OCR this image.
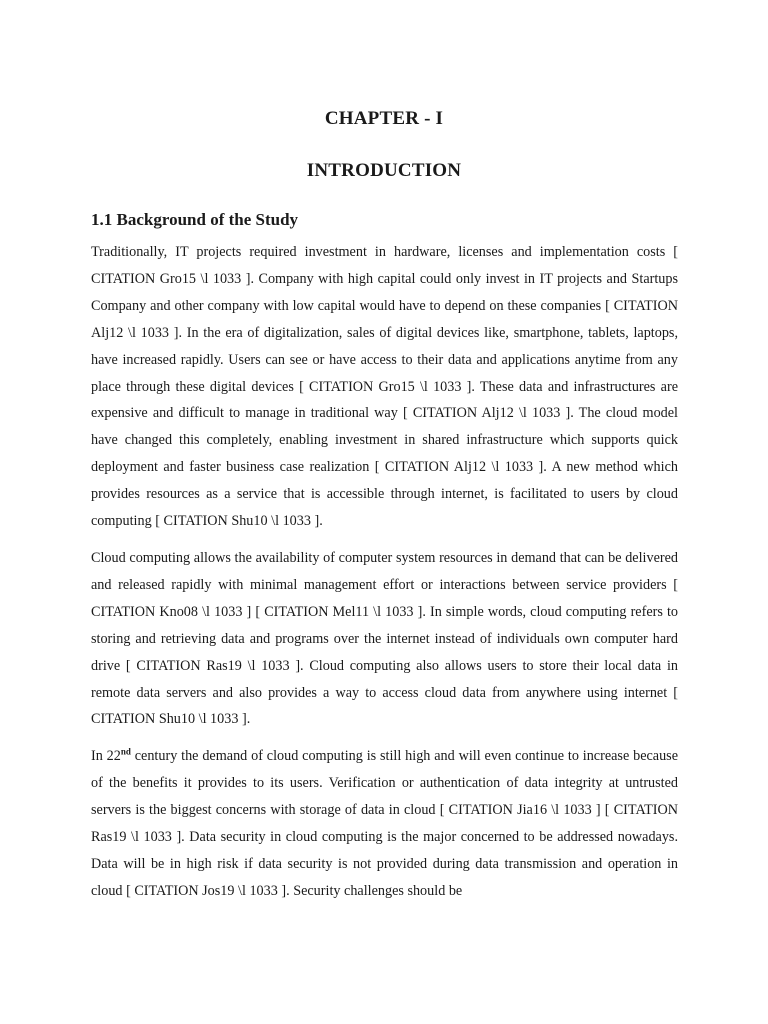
CHAPTER - I
INTRODUCTION
1.1 Background of the Study

Traditionally, IT projects required investment in hardware, licenses and implementation costs [ CITATION Gro15 \l 1033 ]. Company with high capital could only invest in IT projects and Startups Company and other company with low capital would have to depend on these companies [ CITATION Alj12 \l 1033 ]. In the era of digitalization, sales of digital devices like, smartphone, tablets, laptops, have increased rapidly. Users can see or have access to their data and applications anytime from any place through these digital devices [ CITATION Gro15 \l 1033 ]. These data and infrastructures are expensive and difficult to manage in traditional way [ CITATION Alj12 \l 1033 ]. The cloud model have changed this completely, enabling investment in shared infrastructure which supports quick deployment and faster business case realization [ CITATION Alj12 \l 1033 ]. A new method which provides resources as a service that is accessible through internet, is facilitated to users by cloud computing [ CITATION Shu10 \l 1033 ].

Cloud computing allows the availability of computer system resources in demand that can be delivered and released rapidly with minimal management effort or interactions between service providers [ CITATION Kno08 \l 1033 ] [ CITATION Mel11 \l 1033 ]. In simple words, cloud computing refers to storing and retrieving data and programs over the internet instead of individuals own computer hard drive [ CITATION Ras19 \l 1033 ]. Cloud computing also allows users to store their local data in remote data servers and also provides a way to access cloud data from anywhere using internet [ CITATION Shu10 \l 1033 ].

In 22nd century the demand of cloud computing is still high and will even continue to increase because of the benefits it provides to its users. Verification or authentication of data integrity at untrusted servers is the biggest concerns with storage of data in cloud [ CITATION Jia16 \l 1033 ] [ CITATION Ras19 \l 1033 ]. Data security in cloud computing is the major concerned to be addressed nowadays. Data will be in high risk if data security is not provided during data transmission and operation in cloud [ CITATION Jos19 \l 1033 ]. Security challenges should be
